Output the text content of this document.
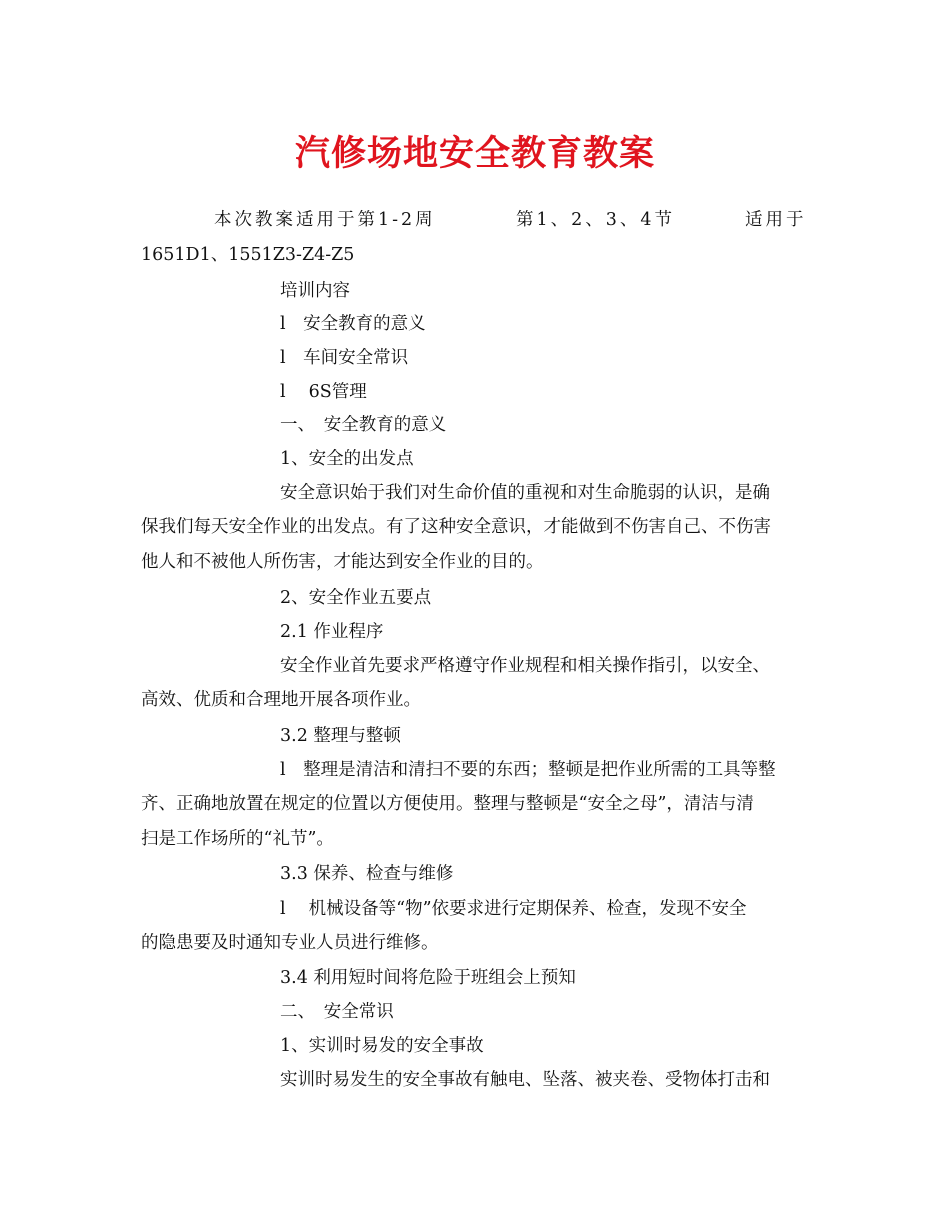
汽修场地安全教育教案
本次教案适用于第1-2周	第1、2、3、4节	适用于
1651D1、1551Z3-Z4-Z5
培训内容
l　安全教育的意义
l　车间安全常识
l　 6S管理
一、　安全教育的意义
1、安全的出发点
安全意识始于我们对生命价值的重视和对生命脆弱的认识，是确
保我们每天安全作业的出发点。有了这种安全意识，才能做到不伤害自己、不伤害
他人和不被他人所伤害，才能达到安全作业的目的。
2、安全作业五要点
2.1 作业程序
安全作业首先要求严格遵守作业规程和相关操作指引，以安全、
高效、优质和合理地开展各项作业。
3.2 整理与整顿
l　整理是清洁和清扫不要的东西；整顿是把作业所需的工具等整
齐、正确地放置在规定的位置以方便使用。整理与整顿是“安全之母”，清洁与清
扫是工作场所的“礼节”。
3.3 保养、检查与维修
l　 机械设备等“物”依要求进行定期保养、检查，发现不安全
的隐患要及时通知专业人员进行维修。
3.4 利用短时间将危险于班组会上预知
二、　安全常识
1、实训时易发的安全事故
实训时易发生的安全事故有触电、坠落、被夹卷、受物体打击和
